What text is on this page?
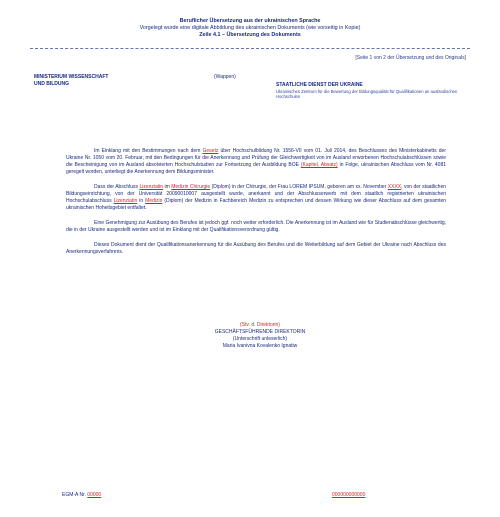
Beruflicher Übersetzung aus der ukrainischen Sprache
Vorgelegt wurde eine digitale Abbildung des ukrainischen Dokuments (wie vorseitig in Kopie)
Zeile 4.1 – Übersetzung des Dokuments
[Seite 1 von 2 der Übersetzung und des Originals]
MINISTERIUM WISSENSCHAFT
UND BILDUNG
(Wappen)
STAATLICHE DIENST DER UKRAINE
Ukrainisches Zentrum für die Bewertung der Bildungsqualität für Qualifikationen an ausländischen Hochschulen

Im Einklang mit den Bestimmungen nach dem Gesetz über Hochschulbildung Nr. 1556-VII vom 01. Juli 2014, des Beschlusses des Ministerkabinetts der Ukraine Nr. 1050 vom 20. Februar, mit den Bedingungen für die Anerkennung und Prüfung der Gleichwertigkeit von im Ausland erworbenen Hochschulabschlüssen sowie die Bescheinigung von im Ausland absolvierten Hochschulstudien zur Fortsetzung der Ausbildung BOE (Kapitel, Absatz) in Folge, ukrainischen Abschluss vom Nr. 4081 geregelt worden, unterliegt die Anerkennung dem Bildungsminister.

Dass der Abschluss Lizenziatin im Medizin Chirurgie (Diplom) in der Chirurgie, der Frau LOREM IPSUM, geboren am xx. November XXXX, von der staatlichen Bildungseinrichtung, von der Universität 20090010007 ausgestellt wurde, anerkannt und der Abschlusserwerb mit dem staatlich registrierten ukrainischen Hochschulabschluss Lizenziatin in Medizin (Diplom) der Medizin in Fachbereich Medizin zu entsprechen und dessen Wirkung wie dieser Abschluss auf dem gesamten ukrainischen Hoheitsgebiet entfaltet.

Eine Genehmigung zur Ausübung des Berufes ist jedoch ggf. noch weiter erforderlich. Die Anerkennung ist im Ausland wie für Studienabschlüsse gleichwertig, die in der Ukraine ausgestellt werden und ist im Einklang mit der Qualifikationsverordnung gültig.

Dieses Dokument dient der Qualifikationsanerkennung für die Ausübung des Berufes und die Weiterbildung auf dem Gebiet der Ukraine nach Abschluss des Anerkennungsverfahrens.

(Stv. d. Direktorin)
GESCHÄFTSFÜHRENDE DIREKTORIN
(Unterschrift unleserlich)
Maria Ivanivna Kovalenko Ignatiw
EGM-A Nr. 00000	000000000000
